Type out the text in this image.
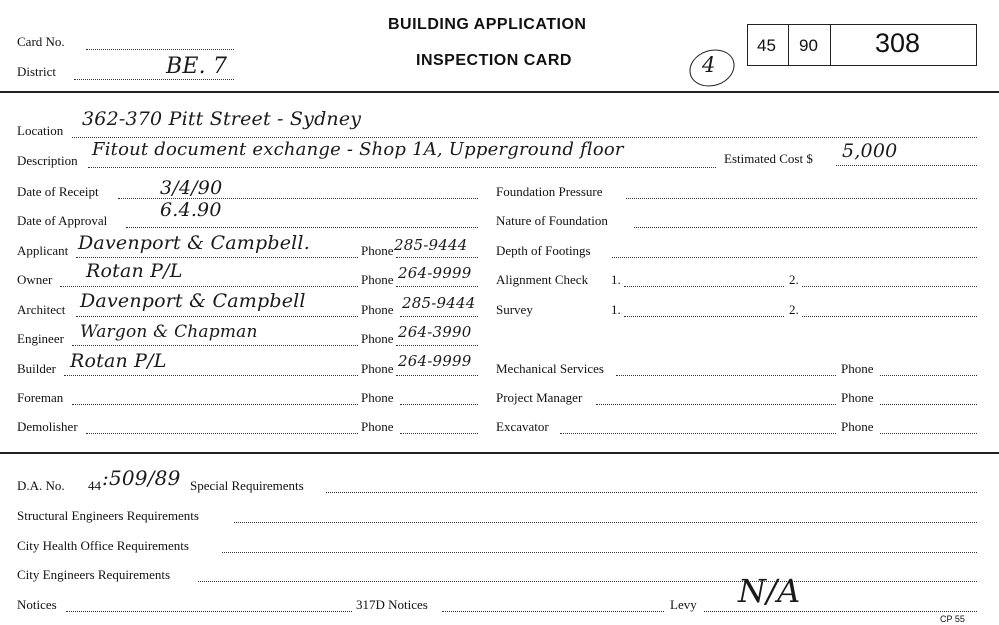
Card No.
District	BE. 7
BUILDING APPLICATION
INSPECTION CARD	4
45 90 308
Location
362-370 Pitt Street - Sydney
Description
Fitout document exchange - Shop 1A, Upperground floor	Estimated Cost $ 5,000
Date of Receipt	3/4/90
Date of Approval	6.4.90
Applicant Davenport & Campbell.	Phone 285-9444
Owner Rotan P/L	Phone 264-9999
Architect Davenport & Campbell	Phone 285-9444
Engineer Wargon & Chapman	Phone 264-3990
Builder Rotan P/L	Phone 264-9999
Foreman	Phone
Demolisher	Phone
Foundation Pressure
Nature of Foundation
Depth of Footings
Alignment Check 1.	2.
Survey	1.	2.
Mechanical Services	Phone
Project Manager	Phone
Excavator	Phone
D.A. No. 44 :509/89 Special Requirements
Structural Engineers Requirements
City Health Office Requirements
City Engineers Requirements
Notices	317D Notices	Levy N/A
CP 55
